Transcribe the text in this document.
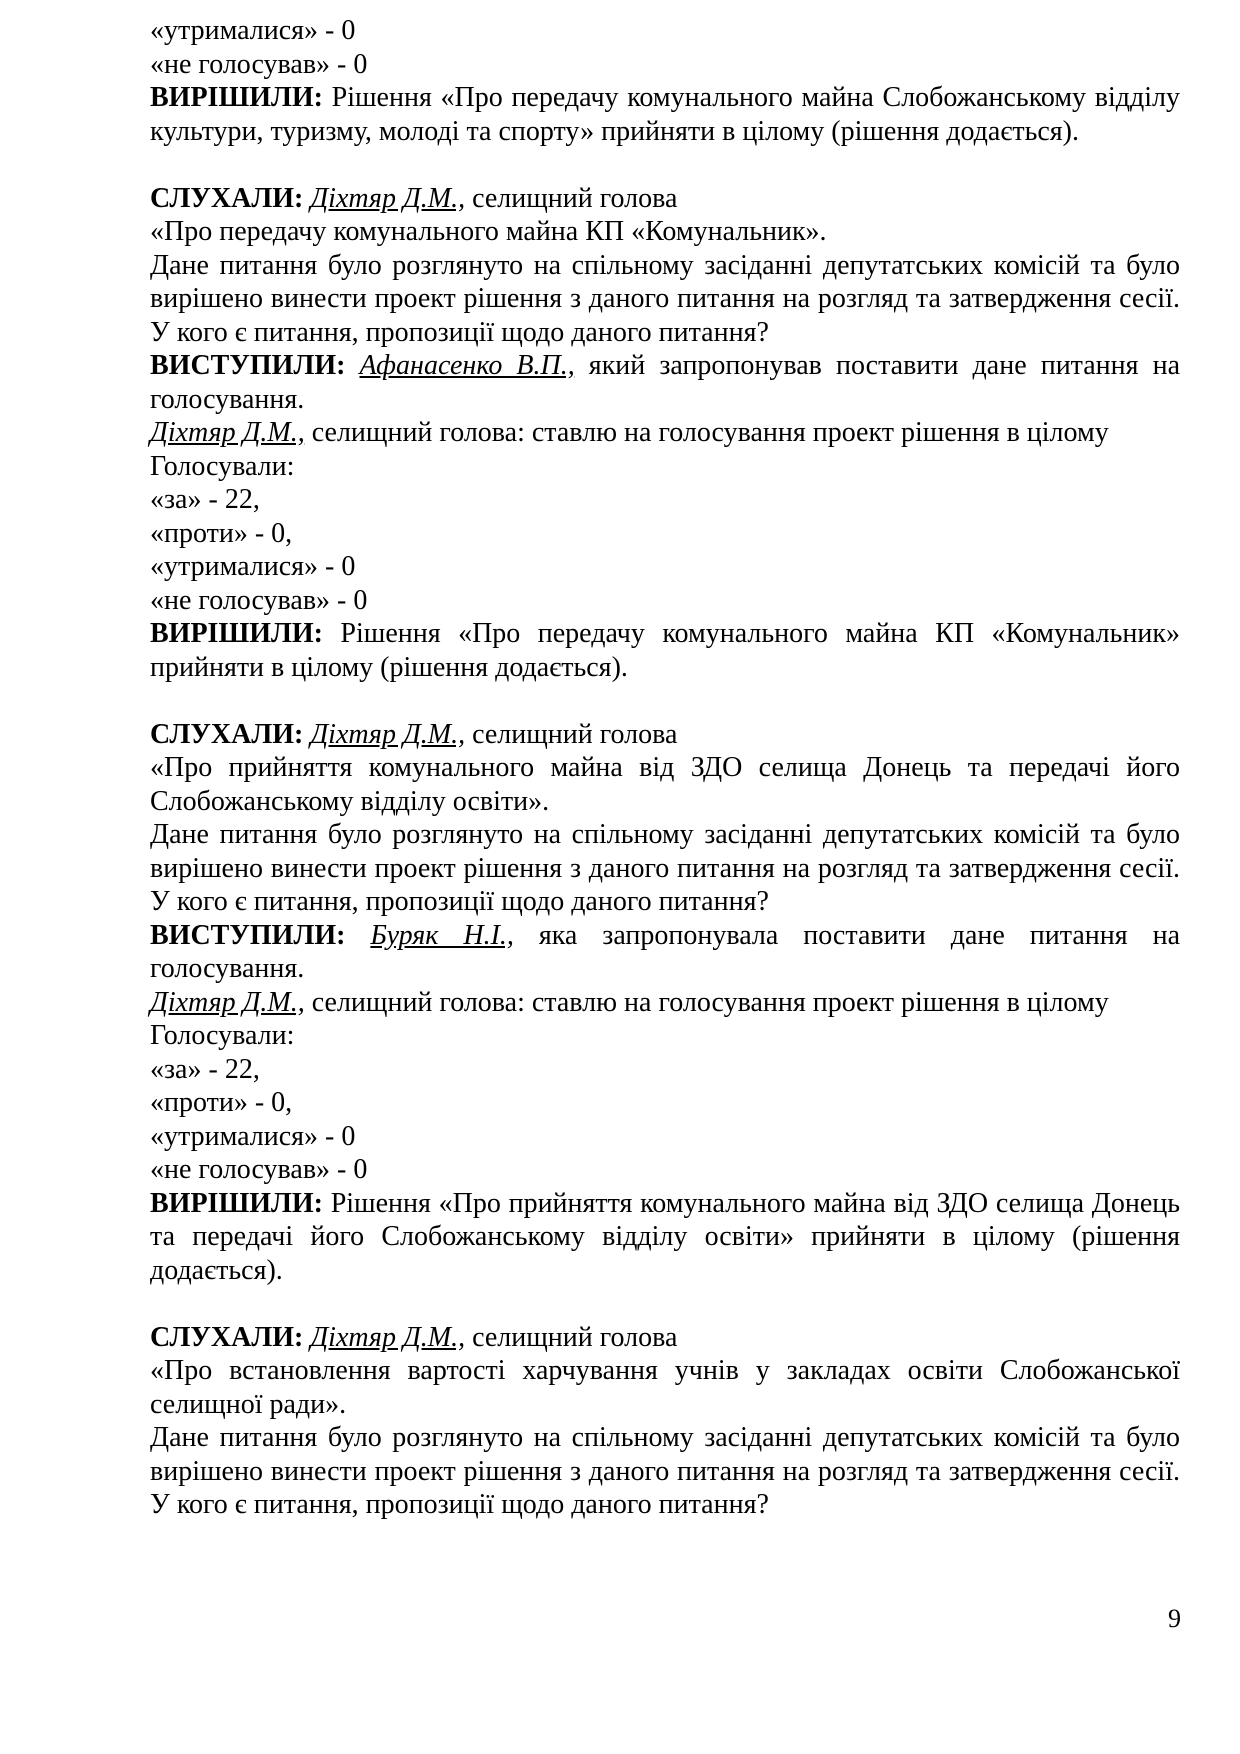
«утрималися» - 0

«не голосував» - 0

ВИРІШИЛИ: Рішення «Про передачу комунального майна Слобожанському відділу культури, туризму, молоді та спорту» прийняти в цілому (рішення додається).

СЛУХАЛИ: Діхтяр Д.М., селищний голова

«Про передачу комунального майна КП «Комунальник».

Дане питання було розглянуто на спільному засіданні депутатських комісій та було вирішено винести проект рішення з даного питання на розгляд та затвердження сесії. У кого є питання, пропозиції щодо даного питання?

ВИСТУПИЛИ: Афанасенко В.П., який запропонував поставити дане питання на голосування.

Діхтяр Д.М., селищний голова: ставлю на голосування проект рішення в цілому

Голосували:

«за» - 22,

«проти» - 0,

«утрималися» - 0

«не голосував» - 0

ВИРІШИЛИ: Рішення «Про передачу комунального майна КП «Комунальник» прийняти в цілому (рішення додається).

СЛУХАЛИ: Діхтяр Д.М., селищний голова

«Про прийняття комунального майна від ЗДО селища Донець та передачі його Слобожанському відділу освіти».

Дане питання було розглянуто на спільному засіданні депутатських комісій та було вирішено винести проект рішення з даного питання на розгляд та затвердження сесії. У кого є питання, пропозиції щодо даного питання?

ВИСТУПИЛИ: Буряк Н.І., яка запропонувала поставити дане питання на голосування.

Діхтяр Д.М., селищний голова: ставлю на голосування проект рішення в цілому

Голосували:

«за» - 22,

«проти» - 0,

«утрималися» - 0

«не голосував» - 0

ВИРІШИЛИ: Рішення «Про прийняття комунального майна від ЗДО селища Донець та передачі його Слобожанському відділу освіти» прийняти в цілому (рішення додається).

СЛУХАЛИ: Діхтяр Д.М., селищний голова

«Про встановлення вартості харчування учнів у закладах освіти Слобожанської селищної ради».

Дане питання було розглянуто на спільному засіданні депутатських комісій та було вирішено винести проект рішення з даного питання на розгляд та затвердження сесії. У кого є питання, пропозиції щодо даного питання?

9
